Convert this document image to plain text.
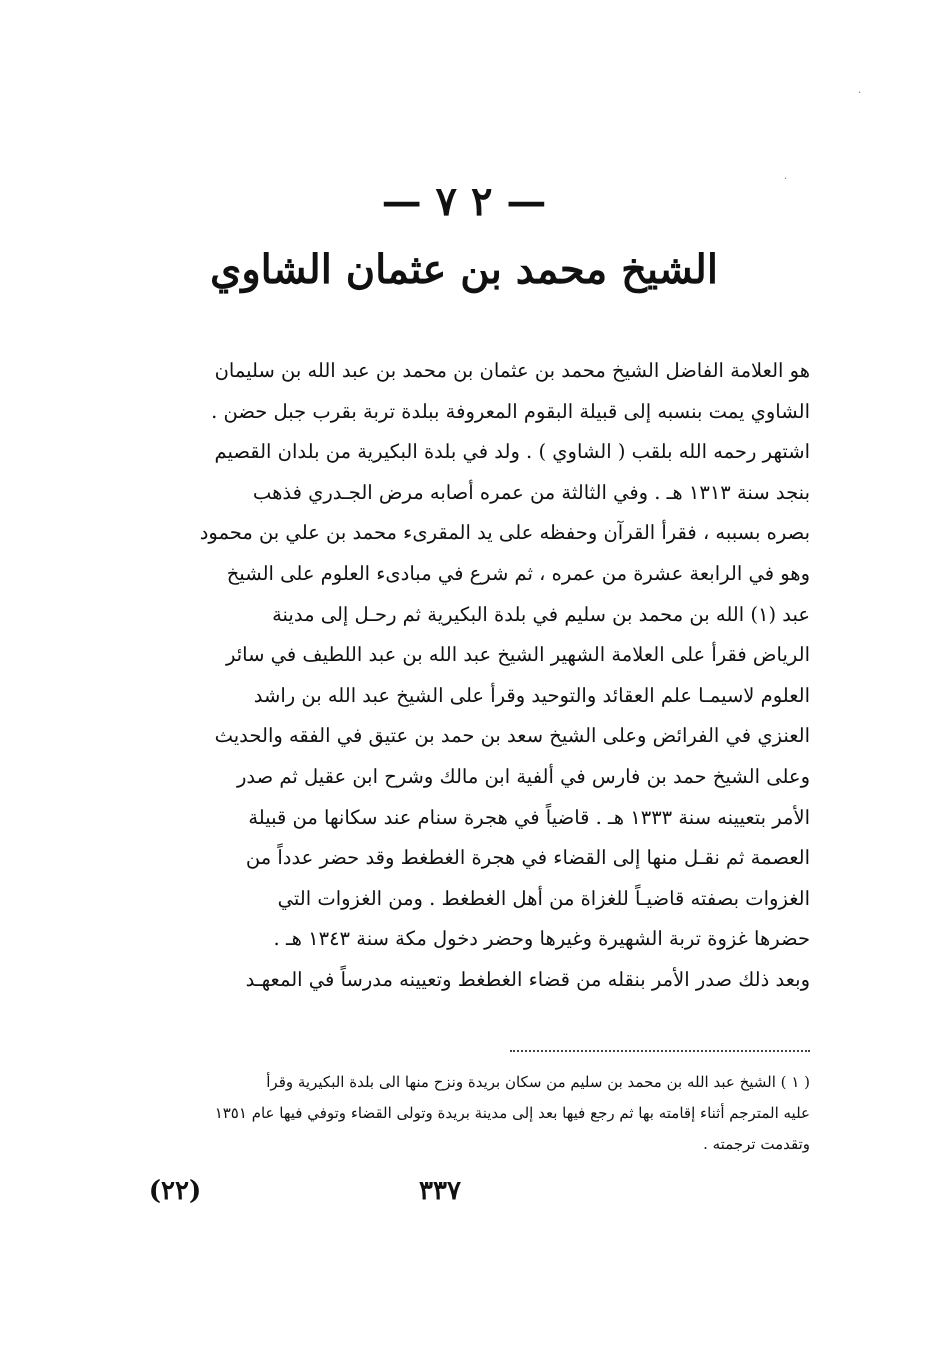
·
·
— ٢ ٧ —
الشيخ محمد بن عثمان الشاوي
هو العلامة الفاضل الشيخ محمد بن عثمان بن محمد بن عبد الله بن سليمان
الشاوي يمت بنسبه إلى قبيلة البقوم المعروفة ببلدة تربة بقرب جبل حضن .
اشتهر رحمه الله بلقب ( الشاوي ) . ولد في بلدة البكيرية من بلدان القصيم
بنجد سنة ١٣١٣ هـ . وفي الثالثة من عمره أصابه مرض الجـدري فذهب
بصره بسببه ، فقرأ القرآن وحفظه على يد المقرىء محمد بن علي بن محمود
وهو في الرابعة عشرة من عمره ، ثم شرع في مبادىء العلوم على الشيخ
عبد (١) الله بن محمد بن سليم في بلدة البكيرية ثم رحـل إلى مدينة
الرياض فقرأ على العلامة الشهير الشيخ عبد الله بن عبد اللطيف في سائر
العلوم لاسيمـا علم العقائد والتوحيد وقرأ على الشيخ عبد الله بن راشد
العنزي في الفرائض وعلى الشيخ سعد بن حمد بن عتيق في الفقه والحديث
وعلى الشيخ حمد بن فارس في ألفية ابن مالك وشرح ابن عقيل ثم صدر
الأمر بتعيينه سنة ١٣٣٣ هـ . قاضياً في هجرة سنام عند سكانها من قبيلة
العصمة ثم نقـل منها إلى القضاء في هجرة الغطغط وقد حضر عدداً من
الغزوات بصفته قاضيـاً للغزاة من أهل الغطغط . ومن الغزوات التي
حضرها غزوة تربة الشهيرة وغيرها وحضر دخول مكة سنة ١٣٤٣ هـ .
وبعد ذلك صدر الأمر بنقله من قضاء الغطغط وتعيينه مدرساً في المعهـد
( ١ ) الشيخ عبد الله بن محمد بن سليم من سكان بريدة ونزح منها الى بلدة البكيرية وقرأ
عليه المترجم أثناء إقامته بها ثم رجع فيها بعد إلى مدينة بريدة وتولى القضاء وتوفي فيها عام ١٣٥١
وتقدمت ترجمته .
٣٣٧
(٢٢)
